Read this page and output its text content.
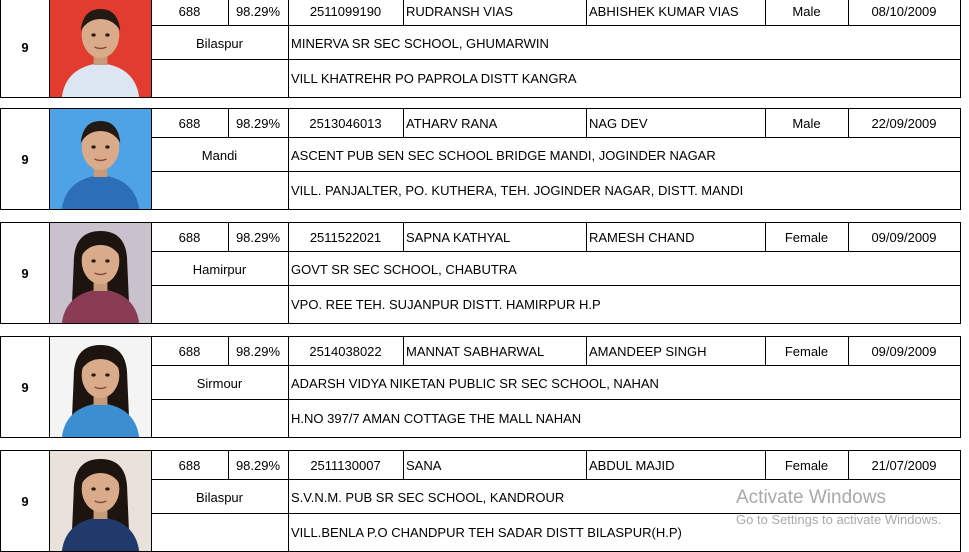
9
688	98.29%	2511099190	RUDRANSH VIAS	ABHISHEK KUMAR VIAS	Male	08/10/2009
Bilaspur	MINERVA SR SEC SCHOOL, GHUMARWIN
VILL KHATREHR PO PAPROLA DISTT KANGRA
9
688	98.29%	2513046013	ATHARV RANA	NAG DEV	Male	22/09/2009
Mandi	ASCENT PUB SEN SEC SCHOOL BRIDGE MANDI, JOGINDER NAGAR
VILL. PANJALTER, PO. KUTHERA, TEH. JOGINDER NAGAR, DISTT. MANDI
9
688	98.29%	2511522021	SAPNA KATHYAL	RAMESH CHAND	Female	09/09/2009
Hamirpur	GOVT SR SEC SCHOOL, CHABUTRA
VPO. REE TEH. SUJANPUR DISTT. HAMIRPUR H.P
9
688	98.29%	2514038022	MANNAT SABHARWAL	AMANDEEP SINGH	Female	09/09/2009
Sirmour	ADARSH VIDYA NIKETAN PUBLIC SR SEC SCHOOL, NAHAN
H.NO 397/7 AMAN COTTAGE THE MALL NAHAN
9
688	98.29%	2511130007	SANA	ABDUL MAJID	Female	21/07/2009
Bilaspur	S.V.N.M. PUB SR SEC SCHOOL, KANDROUR
VILL.BENLA P.O CHANDPUR TEH SADAR DISTT BILASPUR(H.P)
Activate Windows
Go to Settings to activate Windows.
